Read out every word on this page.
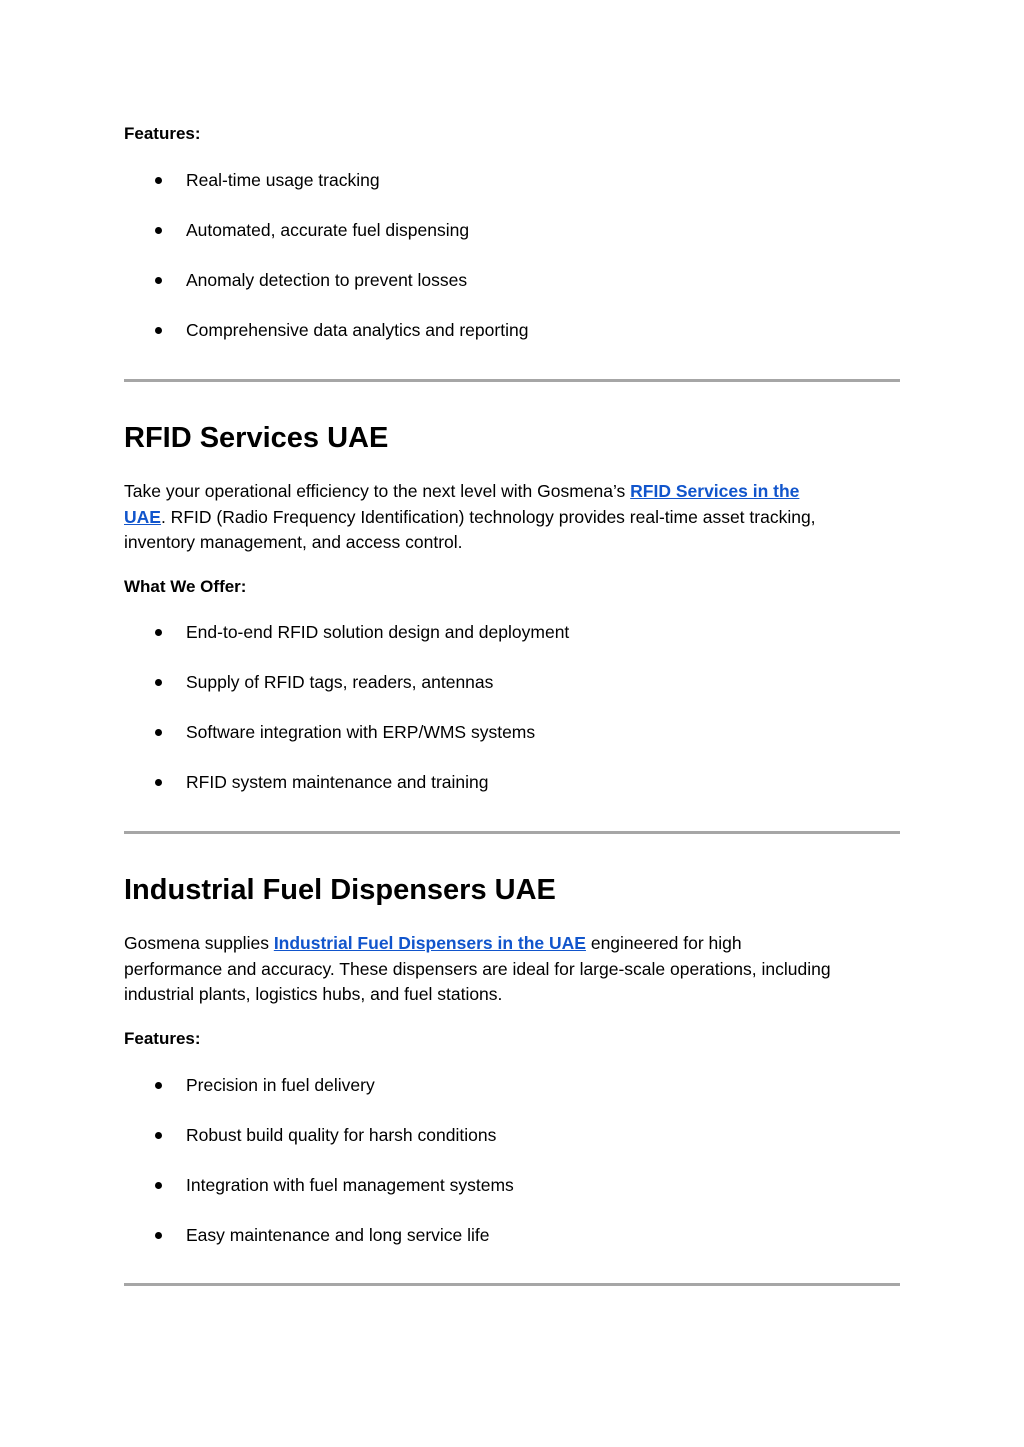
Features:

Real-time usage tracking
Automated, accurate fuel dispensing
Anomaly detection to prevent losses
Comprehensive data analytics and reporting
RFID Services UAE

Take your operational efficiency to the next level with Gosmena’s RFID Services in the
UAE. RFID (Radio Frequency Identification) technology provides real-time asset tracking,
inventory management, and access control.

What We Offer:

End-to-end RFID solution design and deployment
Supply of RFID tags, readers, antennas
Software integration with ERP/WMS systems
RFID system maintenance and training
Industrial Fuel Dispensers UAE

Gosmena supplies Industrial Fuel Dispensers in the UAE engineered for high
performance and accuracy. These dispensers are ideal for large-scale operations, including
industrial plants, logistics hubs, and fuel stations.

Features:

Precision in fuel delivery
Robust build quality for harsh conditions
Integration with fuel management systems
Easy maintenance and long service life
